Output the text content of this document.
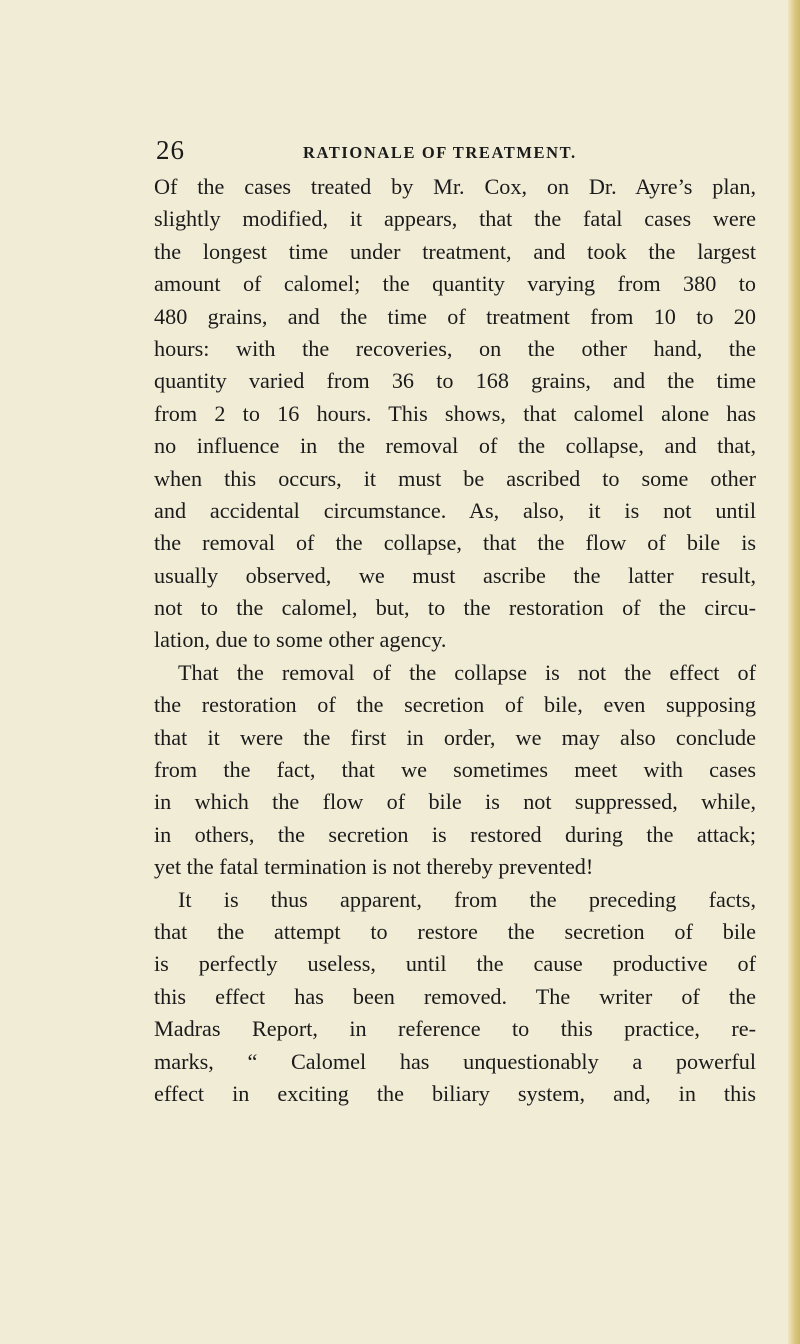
26	RATIONALE OF TREATMENT.
Of the cases treated by Mr. Cox, on Dr. Ayre’s plan,
slightly modified, it appears, that the fatal cases were
the longest time under treatment, and took the largest
amount of calomel; the quantity varying from 380 to
480 grains, and the time of treatment from 10 to 20
hours: with the recoveries, on the other hand, the
quantity varied from 36 to 168 grains, and the time
from 2 to 16 hours. This shows, that calomel alone has
no influence in the removal of the collapse, and that,
when this occurs, it must be ascribed to some other
and accidental circumstance. As, also, it is not until
the removal of the collapse, that the flow of bile is
usually observed, we must ascribe the latter result,
not to the calomel, but, to the restoration of the circu-
lation, due to some other agency.
That the removal of the collapse is not the effect of
the restoration of the secretion of bile, even supposing
that it were the first in order, we may also conclude
from the fact, that we sometimes meet with cases
in which the flow of bile is not suppressed, while,
in others, the secretion is restored during the attack;
yet the fatal termination is not thereby prevented!
It is thus apparent, from the preceding facts,
that the attempt to restore the secretion of bile
is perfectly useless, until the cause productive of
this effect has been removed. The writer of the
Madras Report, in reference to this practice, re-
marks, “ Calomel has unquestionably a powerful
effect in exciting the biliary system, and, in this
